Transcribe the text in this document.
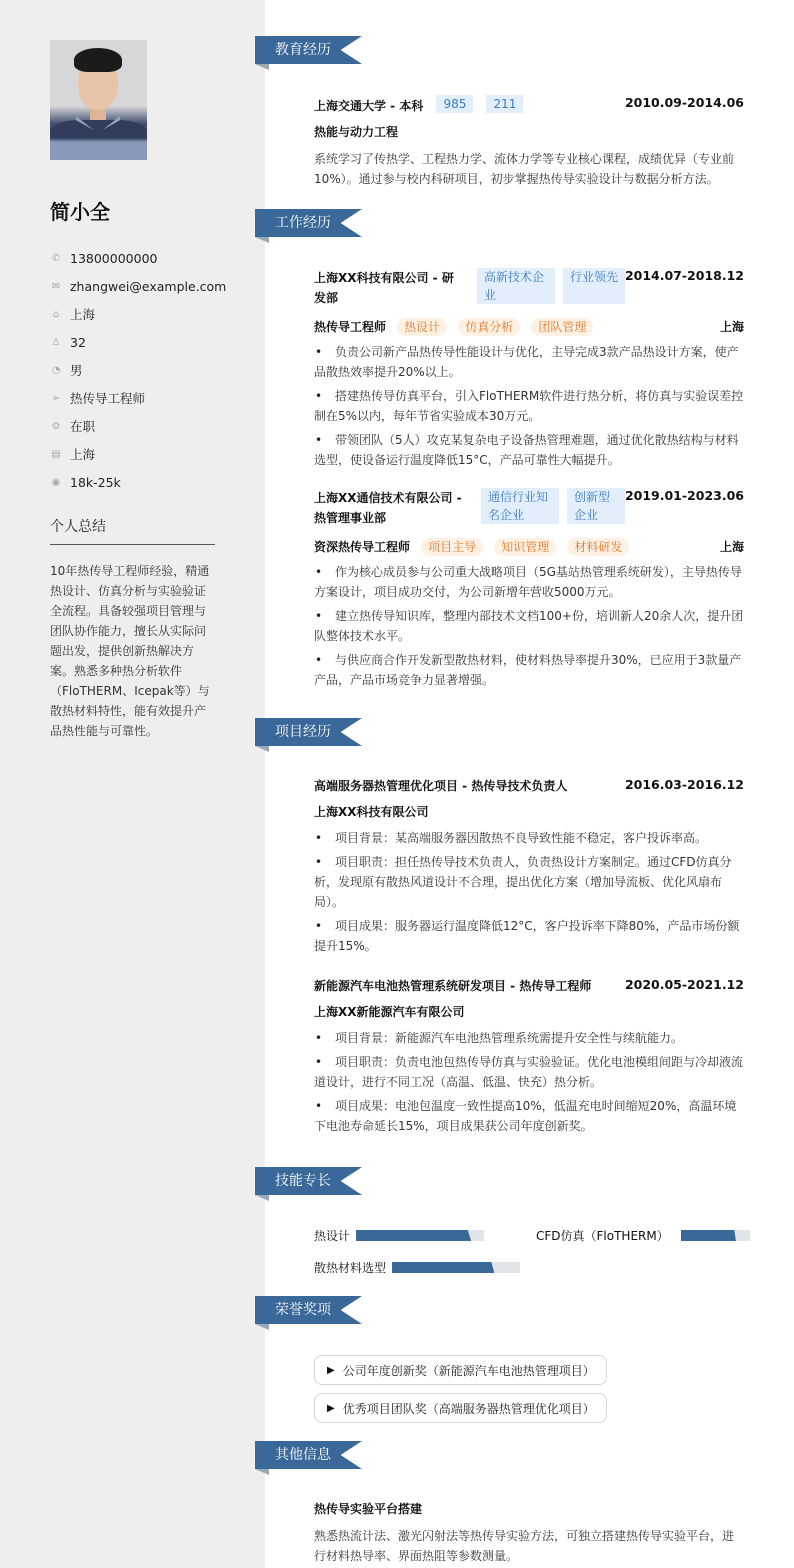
简小全
✆ 13800000000
✉ zhangwei@example.com
⌂ 上海
♙ 32
◔ 男
➢ 热传导工程师
⚙ 在职
▤ 上海
◉ 18k-25k
个人总结
10年热传导工程师经验，精通热设计、仿真分析与实验验证全流程。具备较强项目管理与团队协作能力，擅长从实际问题出发，提供创新热解决方案。熟悉多种热分析软件（FloTHERM、Icepak等）与散热材料特性，能有效提升产品热性能与可靠性。
教育经历
上海交通大学 - 本科 985 211	2010.09-2014.06
热能与动力工程
系统学习了传热学、工程热力学、流体力学等专业核心课程，成绩优异（专业前10%）。通过参与校内科研项目，初步掌握热传导实验设计与数据分析方法。
工作经历
上海XX科技有限公司 - 研发部
高新技术企业
行业领先 2014.07-2018.12
热传导工程师 热设计 仿真分析 团队管理	上海
• 负责公司新产品热传导性能设计与优化，主导完成3款产品热设计方案，使产品散热效率提升20%以上。
• 搭建热传导仿真平台，引入FloTHERM软件进行热分析，将仿真与实验误差控制在5%以内，每年节省实验成本30万元。
• 带领团队（5人）攻克某复杂电子设备热管理难题，通过优化散热结构与材料选型，使设备运行温度降低15°C，产品可靠性大幅提升。
上海XX通信技术有限公司 - 热管理事业部
通信行业知名企业
创新型企业
2019.01-2023.06
资深热传导工程师 项目主导 知识管理 材料研发	上海
• 作为核心成员参与公司重大战略项目（5G基站热管理系统研发），主导热传导方案设计，项目成功交付，为公司新增年营收5000万元。
• 建立热传导知识库，整理内部技术文档100+份，培训新人20余人次，提升团队整体技术水平。
• 与供应商合作开发新型散热材料，使材料热导率提升30%，已应用于3款量产产品，产品市场竞争力显著增强。
项目经历
高端服务器热管理优化项目 - 热传导技术负责人	2016.03-2016.12
上海XX科技有限公司
• 项目背景：某高端服务器因散热不良导致性能不稳定，客户投诉率高。
• 项目职责：担任热传导技术负责人，负责热设计方案制定。通过CFD仿真分析，发现原有散热风道设计不合理，提出优化方案（增加导流板、优化风扇布局）。
• 项目成果：服务器运行温度降低12°C，客户投诉率下降80%，产品市场份额提升15%。
新能源汽车电池热管理系统研发项目 - 热传导工程师	2020.05-2021.12
上海XX新能源汽车有限公司
• 项目背景：新能源汽车电池热管理系统需提升安全性与续航能力。
• 项目职责：负责电池包热传导仿真与实验验证。优化电池模组间距与冷却液流道设计，进行不同工况（高温、低温、快充）热分析。
• 项目成果：电池包温度一致性提高10%，低温充电时间缩短20%，高温环境下电池寿命延长15%，项目成果获公司年度创新奖。
技能专长
热设计	CFD仿真（FloTHERM）
散热材料选型
荣誉奖项
▶ 公司年度创新奖（新能源汽车电池热管理项目）
▶ 优秀项目团队奖（高端服务器热管理优化项目）
其他信息
热传导实验平台搭建
熟悉热流计法、激光闪射法等热传导实验方法，可独立搭建热传导实验平台，进行材料热导率、界面热阻等参数测量。
